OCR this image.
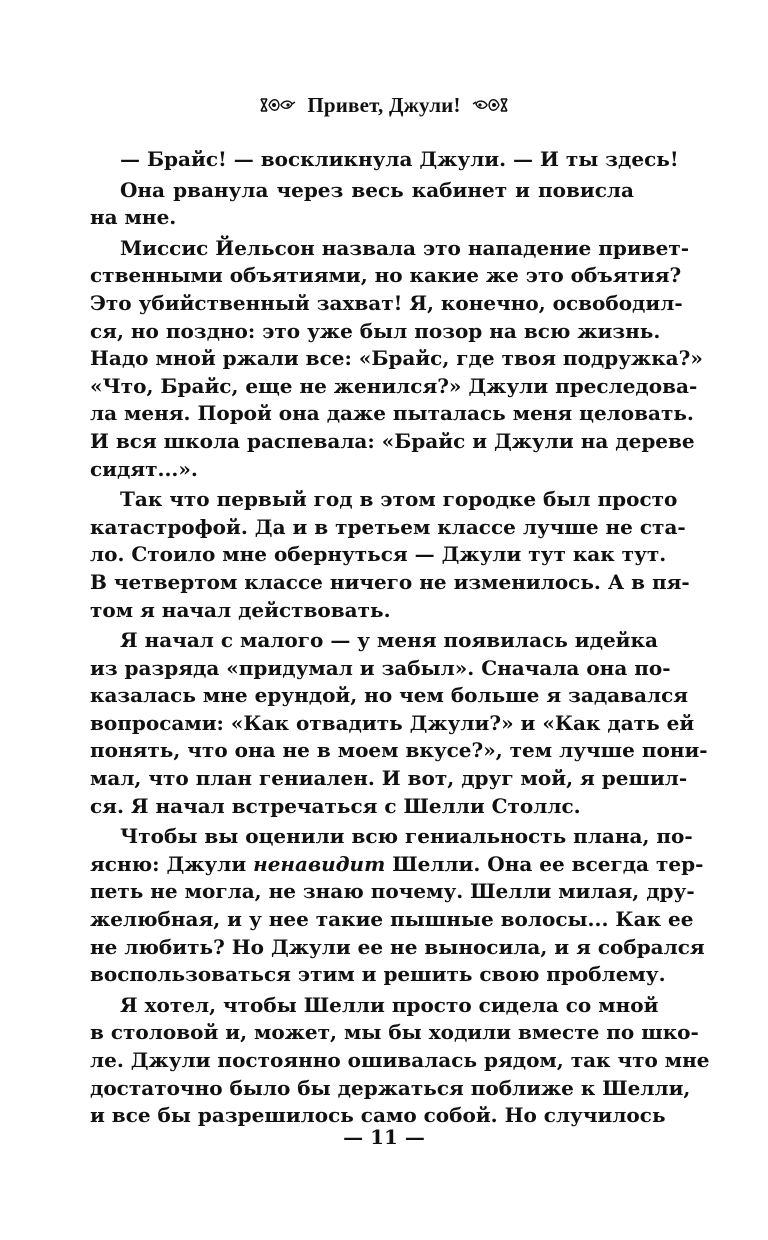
Привет, Джули!
— Брайс! — воскликнула Джули. — И ты здесь!
Она рванула через весь кабинет и повисла
на мне.
Миссис Йельсон назвала это нападение привет-
ственными объятиями, но какие же это объятия?
Это убийственный захват! Я, конечно, освободил-
ся, но поздно: это уже был позор на всю жизнь.
Надо мной ржали все: «Брайс, где твоя подружка?»
«Что, Брайс, еще не женился?» Джули преследова-
ла меня. Порой она даже пыталась меня целовать.
И вся школа распевала: «Брайс и Джули на дереве
сидят...».
Так что первый год в этом городке был просто
катастрофой. Да и в третьем классе лучше не ста-
ло. Стоило мне обернуться — Джули тут как тут.
В четвертом классе ничего не изменилось. А в пя-
том я начал действовать.
Я начал с малого — у меня появилась идейка
из разряда «придумал и забыл». Сначала она по-
казалась мне ерундой, но чем больше я задавался
вопросами: «Как отвадить Джули?» и «Как дать ей
понять, что она не в моем вкусе?», тем лучше пони-
мал, что план гениален. И вот, друг мой, я решил-
ся. Я начал встречаться с Шелли Столлс.
Чтобы вы оценили всю гениальность плана, по-
ясню: Джули ненавидит Шелли. Она ее всегда тер-
петь не могла, не знаю почему. Шелли милая, дру-
желюбная, и у нее такие пышные волосы... Как ее
не любить? Но Джули ее не выносила, и я собрался
воспользоваться этим и решить свою проблему.
Я хотел, чтобы Шелли просто сидела со мной
в столовой и, может, мы бы ходили вместе по шко-
ле. Джули постоянно ошивалась рядом, так что мне
достаточно было бы держаться поближе к Шелли,
и все бы разрешилось само собой. Но случилось
— 11 —
